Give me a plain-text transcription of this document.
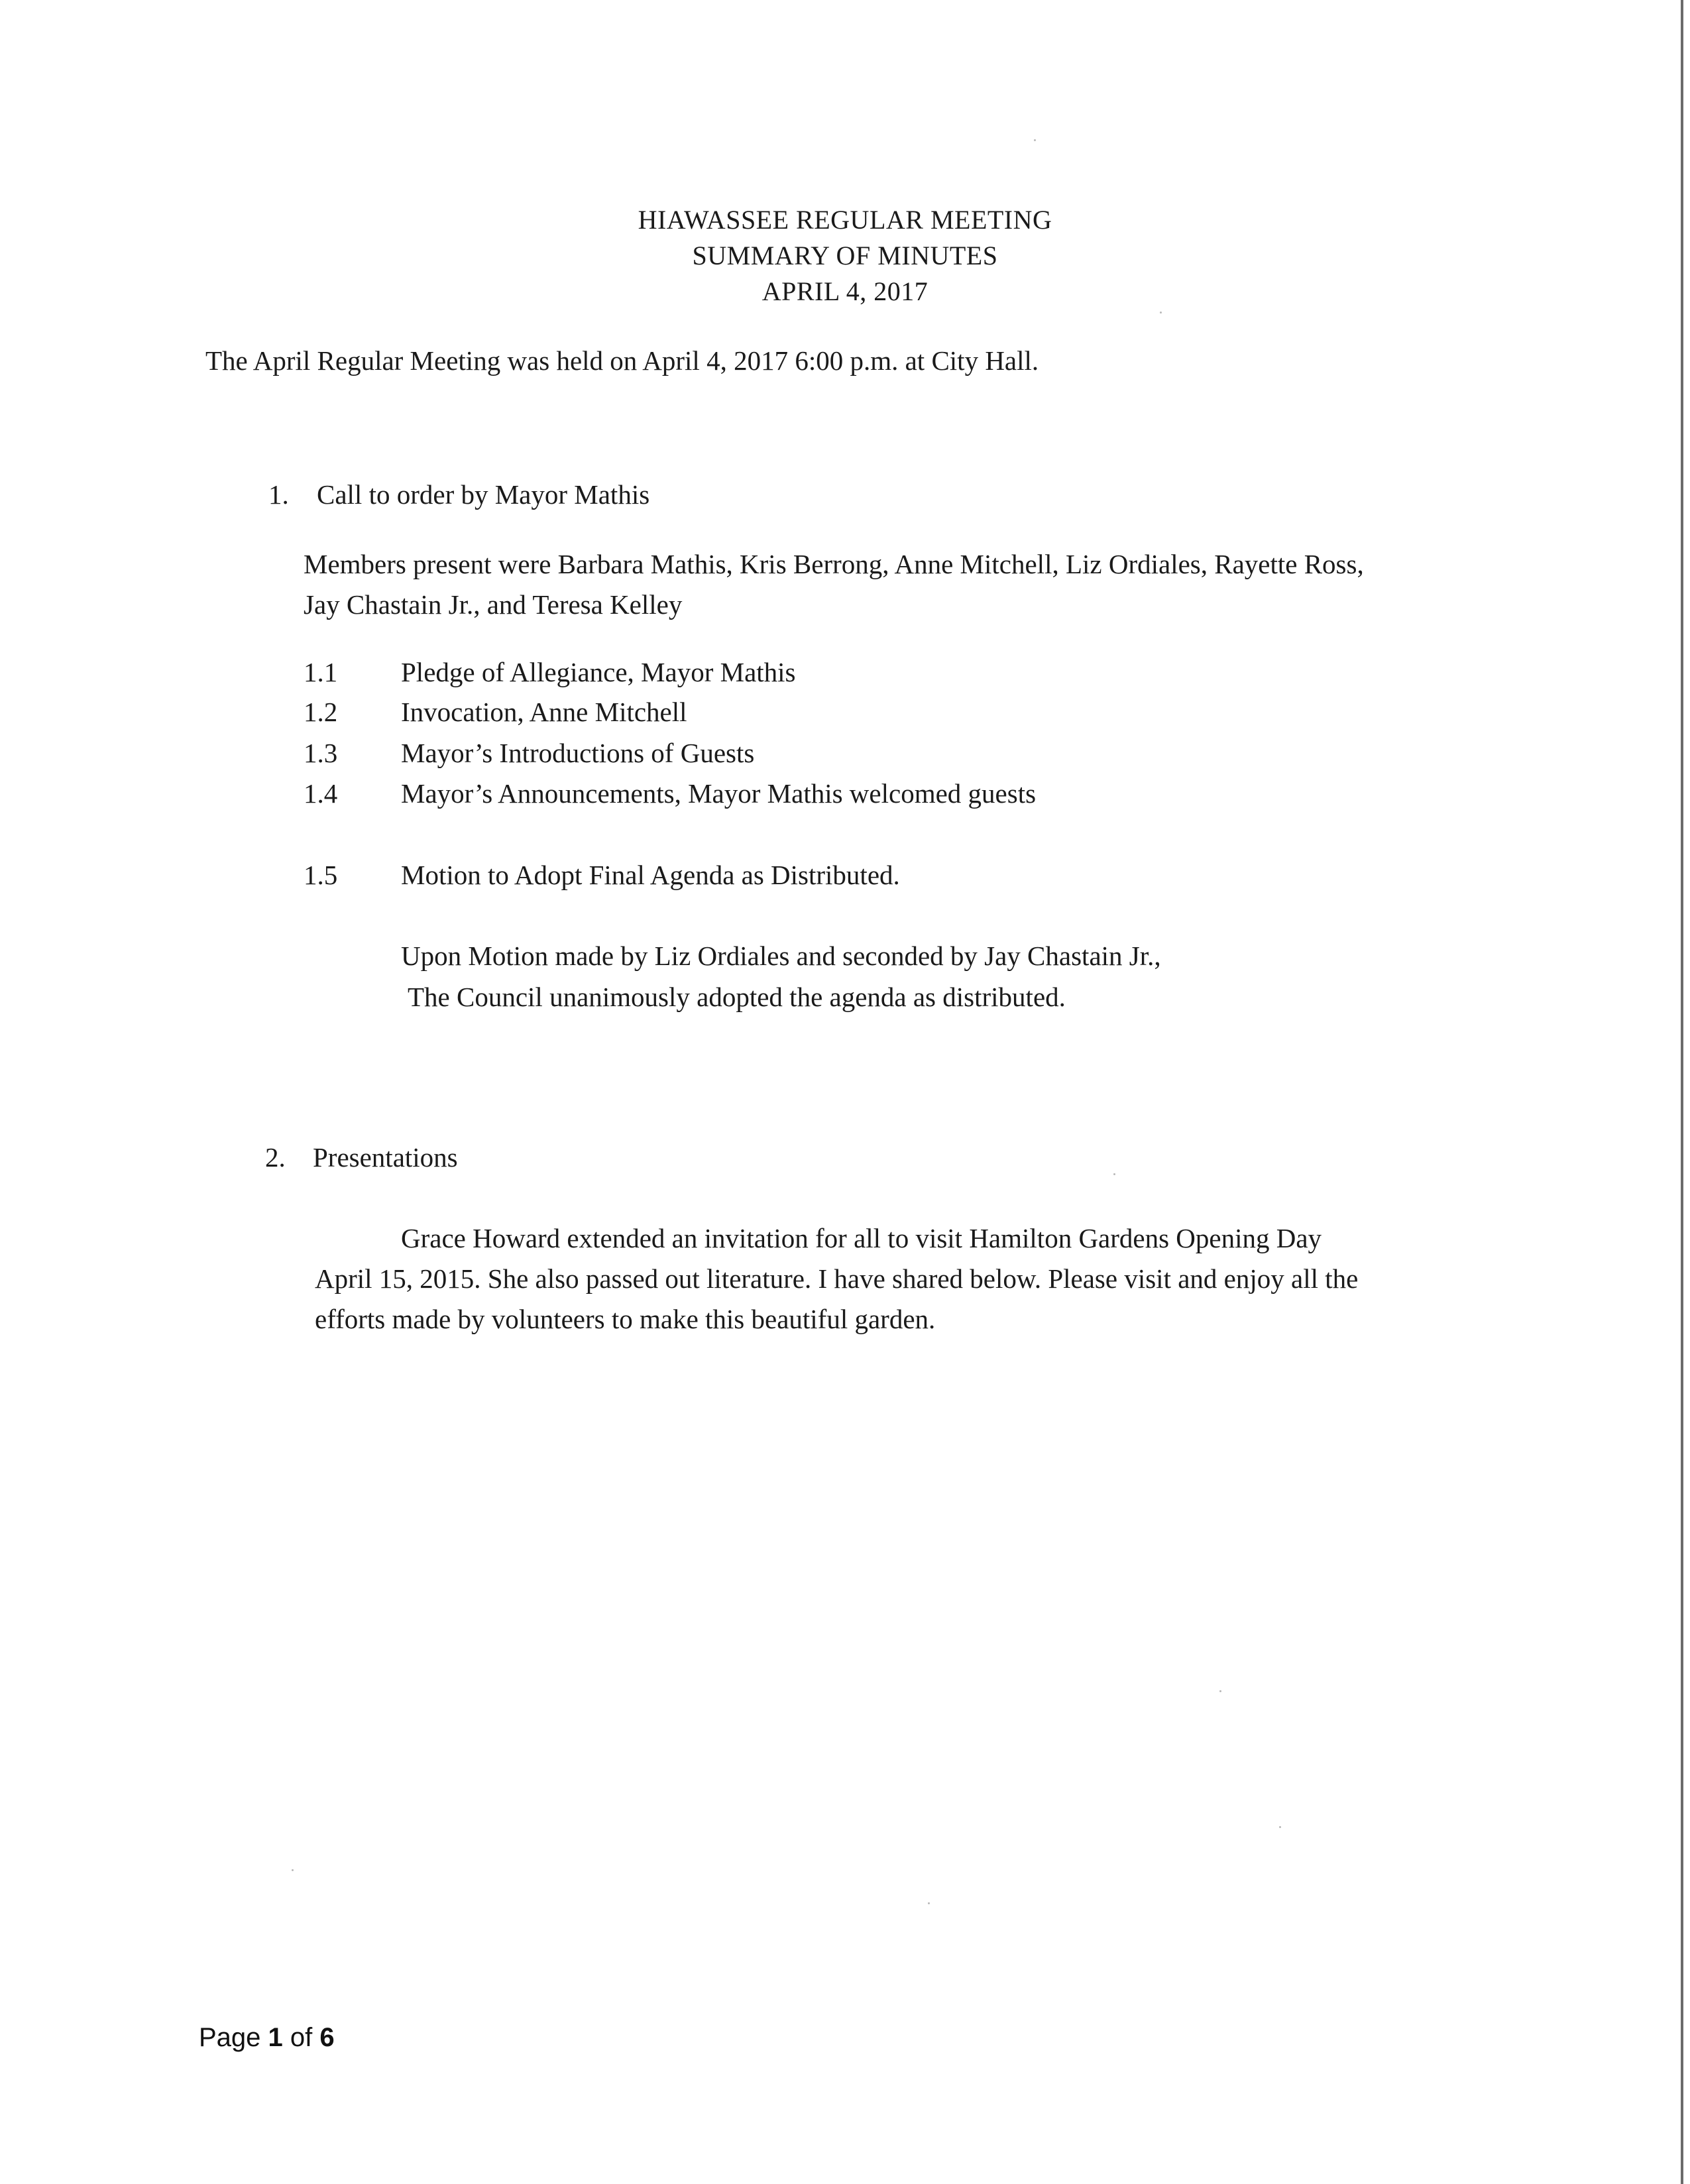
HIAWASSEE REGULAR MEETING
SUMMARY OF MINUTES
APRIL 4, 2017
The April Regular Meeting was held on April 4, 2017 6:00 p.m. at City Hall.
1. Call to order by Mayor Mathis
Members present were Barbara Mathis, Kris Berrong, Anne Mitchell, Liz Ordiales, Rayette Ross,
Jay Chastain Jr., and Teresa Kelley
1.1 Pledge of Allegiance, Mayor Mathis
1.2 Invocation, Anne Mitchell
1.3 Mayor’s Introductions of Guests
1.4 Mayor’s Announcements, Mayor Mathis welcomed guests
1.5 Motion to Adopt Final Agenda as Distributed.
Upon Motion made by Liz Ordiales and seconded by Jay Chastain Jr.,
The Council unanimously adopted the agenda as distributed.
2. Presentations
Grace Howard extended an invitation for all to visit Hamilton Gardens Opening Day
April 15, 2015. She also passed out literature. I have shared below. Please visit and enjoy all the
efforts made by volunteers to make this beautiful garden.
Page 1 of 6
